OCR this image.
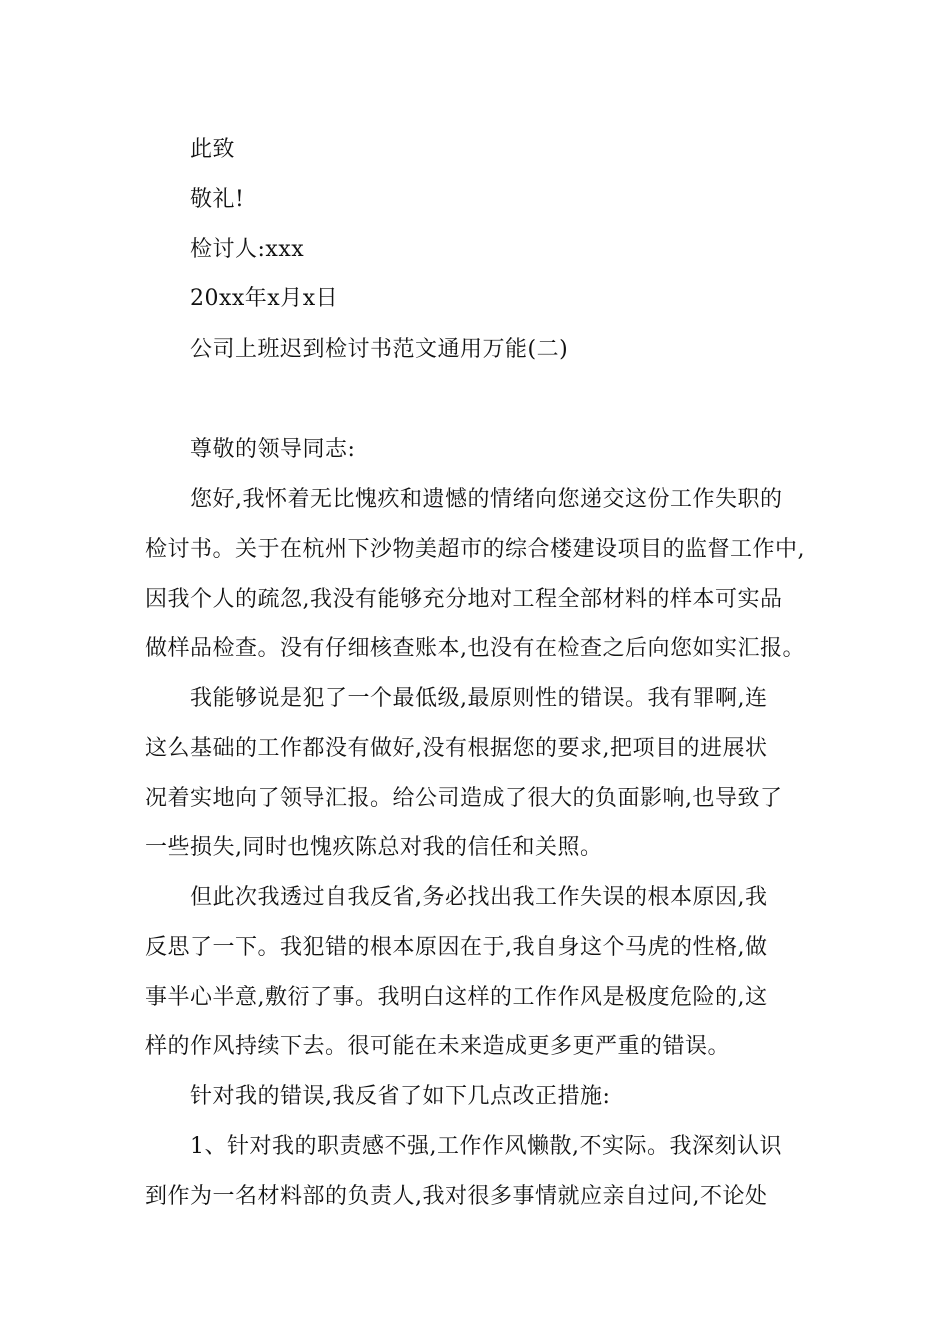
此致
敬礼!
检讨人:xxx
20xx年x月x日
公司上班迟到检讨书范文通用万能(二)
尊敬的领导同志:
您好,我怀着无比愧疚和遗憾的情绪向您递交这份工作失职的
检讨书。关于在杭州下沙物美超市的综合楼建设项目的监督工作中,
因我个人的疏忽,我没有能够充分地对工程全部材料的样本可实品
做样品检查。没有仔细核查账本,也没有在检查之后向您如实汇报。
我能够说是犯了一个最低级,最原则性的错误。我有罪啊,连
这么基础的工作都没有做好,没有根据您的要求,把项目的进展状
况着实地向了领导汇报。给公司造成了很大的负面影响,也导致了
一些损失,同时也愧疚陈总对我的信任和关照。
但此次我透过自我反省,务必找出我工作失误的根本原因,我
反思了一下。我犯错的根本原因在于,我自身这个马虎的性格,做
事半心半意,敷衍了事。我明白这样的工作作风是极度危险的,这
样的作风持续下去。很可能在未来造成更多更严重的错误。
针对我的错误,我反省了如下几点改正措施:
1、针对我的职责感不强,工作作风懒散,不实际。我深刻认识
到作为一名材料部的负责人,我对很多事情就应亲自过问,不论处
